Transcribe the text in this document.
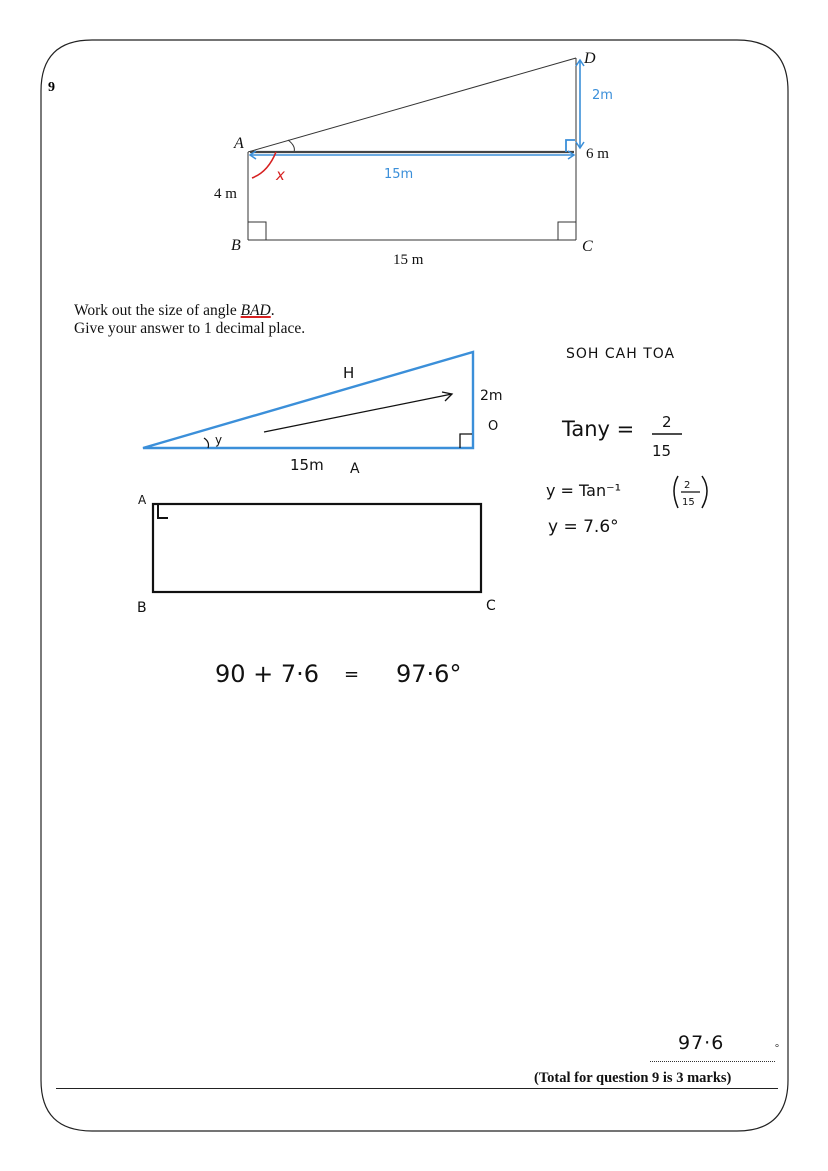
9
A
B	C
D
4 m
15 m
6 m
2m
15m
x
Work out the size of angle BAD.
Give your answer to 1 decimal place.
H
2m
O
15m A
y
A
B	C
SOH CAH TOA
Tany = 2
15
y = Tan⁻¹	2
15
y = 7.6°
90 + 7·6 = 97·6°
97·6	°
(Total for question 9 is 3 marks)
